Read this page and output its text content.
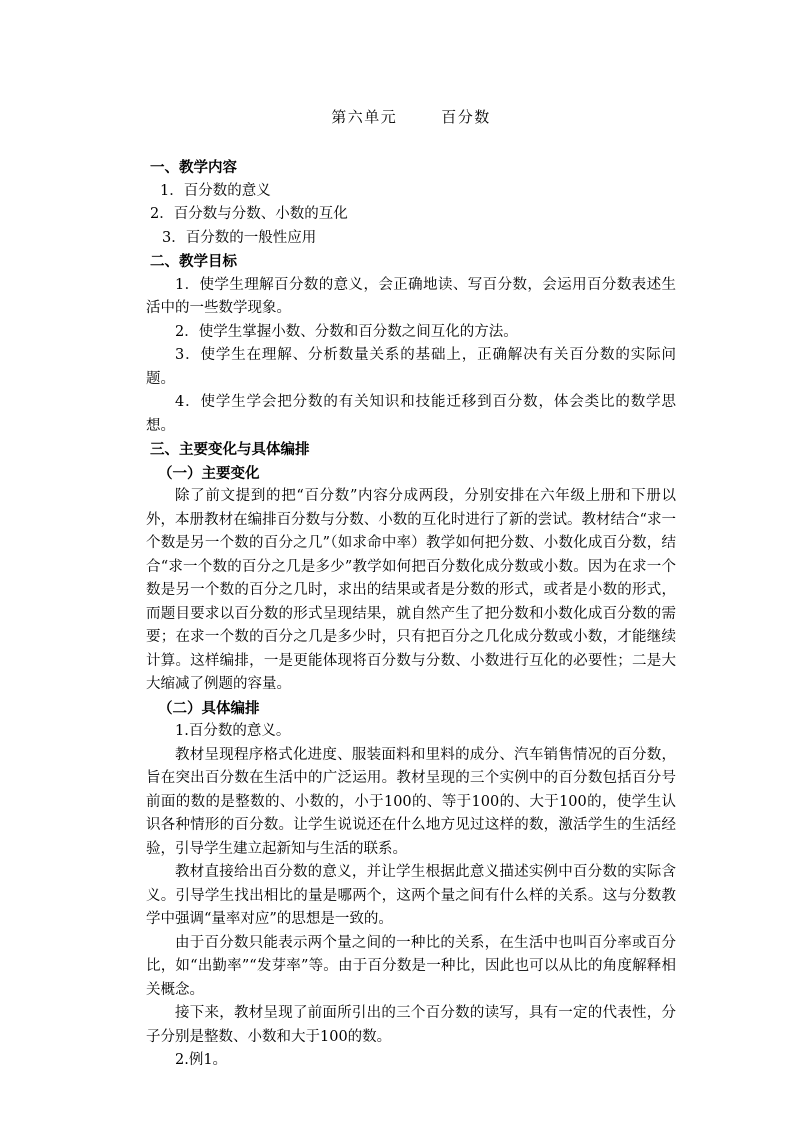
第六单元	百分数
一、教学内容
1．百分数的意义
2．百分数与分数、小数的互化
3．百分数的一般性应用
二、教学目标
1．使学生理解百分数的意义，会正确地读、写百分数，会运用百分数表述生活中的一些数学现象。
2．使学生掌握小数、分数和百分数之间互化的方法。
3．使学生在理解、分析数量关系的基础上，正确解决有关百分数的实际问题。
4．使学生学会把分数的有关知识和技能迁移到百分数，体会类比的数学思想。
三、主要变化与具体编排
（一）主要变化
除了前文提到的把“百分数”内容分成两段，分别安排在六年级上册和下册以外，本册教材在编排百分数与分数、小数的互化时进行了新的尝试。教材结合“求一个数是另一个数的百分之几”（如求命中率）教学如何把分数、小数化成百分数，结合“求一个数的百分之几是多少”教学如何把百分数化成分数或小数。因为在求一个数是另一个数的百分之几时，求出的结果或者是分数的形式，或者是小数的形式，而题目要求以百分数的形式呈现结果，就自然产生了把分数和小数化成百分数的需要；在求一个数的百分之几是多少时，只有把百分之几化成分数或小数，才能继续计算。这样编排，一是更能体现将百分数与分数、小数进行互化的必要性；二是大大缩减了例题的容量。
（二）具体编排
1.百分数的意义。
教材呈现程序格式化进度、服装面料和里料的成分、汽车销售情况的百分数，旨在突出百分数在生活中的广泛运用。教材呈现的三个实例中的百分数包括百分号前面的数的是整数的、小数的，小于100的、等于100的、大于100的，使学生认识各种情形的百分数。让学生说说还在什么地方见过这样的数，激活学生的生活经验，引导学生建立起新知与生活的联系。
教材直接给出百分数的意义，并让学生根据此意义描述实例中百分数的实际含义。引导学生找出相比的量是哪两个，这两个量之间有什么样的关系。这与分数教学中强调“量率对应”的思想是一致的。
由于百分数只能表示两个量之间的一种比的关系，在生活中也叫百分率或百分比，如“出勤率”“发芽率”等。由于百分数是一种比，因此也可以从比的角度解释相关概念。
接下来，教材呈现了前面所引出的三个百分数的读写，具有一定的代表性，分子分别是整数、小数和大于100的数。
2.例1。
